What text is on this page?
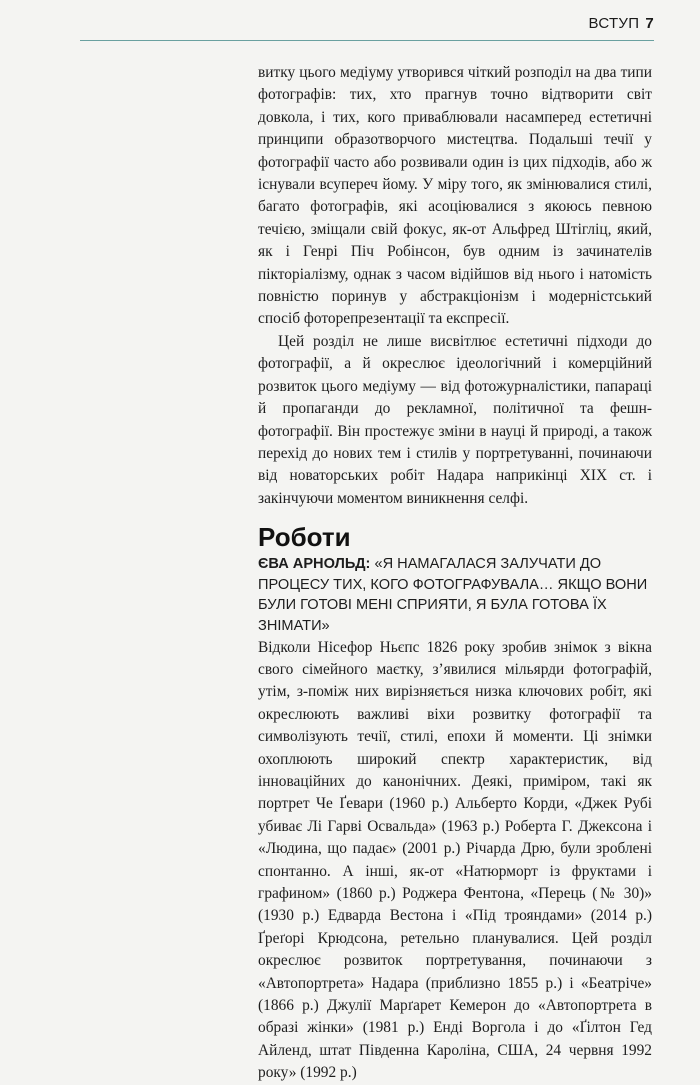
ВСТУП 7

витку цього медіуму утворився чіткий розподіл на два типи фотографів: тих, хто прагнув точно відтворити світ довкола, і тих, кого приваблювали насамперед естетичні принципи образотворчого мистецтва. Подальші течії у фотографії часто або розвивали один із цих підходів, або ж існували всупереч йому. У міру того, як змінювалися стилі, багато фотографів, які асоціювалися з якоюсь певною течією, зміщали свій фокус, як-от Альфред Штігліц, який, як і Генрі Піч Робінсон, був одним із зачинателів пікторіалізму, однак з часом відійшов від нього і натомість повністю поринув у абстракціонізм і модерністський спосіб фоторепрезентації та експресії.

Цей розділ не лише висвітлює естетичні підходи до фотографії, а й окреслює ідеологічний і комерційний розвиток цього медіуму — від фотожурналістики, папараці й пропаганди до рекламної, політичної та фешн-фотографії. Він простежує зміни в науці й природі, а також перехід до нових тем і стилів у портретуванні, починаючи від новаторських робіт Надара наприкінці XIX ст. і закінчуючи моментом виникнення селфі.

Роботи
ЄВА АРНОЛЬД: «Я НАМАГАЛАСЯ ЗАЛУЧАТИ ДО ПРОЦЕСУ ТИХ, КОГО ФОТОГРАФУВАЛА… ЯКЩО ВОНИ БУЛИ ГОТОВІ МЕНІ СПРИЯТИ, Я БУЛА ГОТОВА ЇХ ЗНІМАТИ»

Відколи Нісефор Ньєпс 1826 року зробив знімок з вікна свого сімейного маєтку, з’явилися мільярди фотографій, утім, з-поміж них вирізняється низка ключових робіт, які окреслюють важливі віхи розвитку фотографії та символізують течії, стилі, епохи й моменти. Ці знімки охоплюють широкий спектр характеристик, від інноваційних до канонічних. Деякі, приміром, такі як портрет Че Ґевари (1960 р.) Альберто Корди, «Джек Рубі убиває Лі Гарві Освальда» (1963 р.) Роберта Г. Джексона і «Людина, що падає» (2001 р.) Річарда Дрю, були зроблені спонтанно. А інші, як-от «Натюрморт із фруктами і графином» (1860 р.) Роджера Фентона, «Перець (№ 30)» (1930 р.) Едварда Вестона і «Під трояндами» (2014 р.) Ґреґорі Крюдсона, ретельно планувалися. Цей розділ окреслює розвиток портретування, починаючи з «Автопортрета» Надара (приблизно 1855 р.) і «Беатріче» (1866 р.) Джулії Марґарет Кемерон до «Автопортрета в образі жінки» (1981 р.) Енді Воргола і до «Ґілтон Гед Айленд, штат Південна Кароліна, США, 24 червня 1992 року» (1992 р.)
